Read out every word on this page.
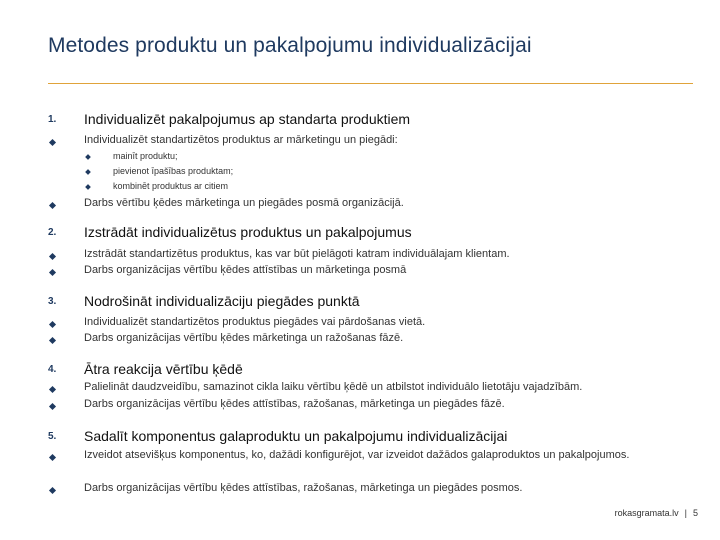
Metodes produktu un pakalpojumu individualizācijai
1. Individualizēt pakalpojumus ap standarta produktiem
Individualizēt standartizētos produktus ar mārketingu un piegādi:
mainīt produktu;
pievienot īpašības produktam;
kombinēt produktus ar citiem
Darbs vērtību ķēdes mārketinga un piegādes posmā organizācijā.
2. Izstrādāt individualizētus produktus un pakalpojumus
Izstrādāt standartizētus produktus, kas var būt pielāgoti katram individuālajam klientam.
Darbs organizācijas vērtību ķēdes attīstības un mārketinga posmā
3. Nodrošināt individualizāciju piegādes punktā
Individualizēt standartizētos produktus piegādes vai pārdošanas vietā.
Darbs organizācijas vērtību ķēdes mārketinga un ražošanas fāzē.
4. Ātra reakcija vērtību ķēdē
Palielināt daudzveidību, samazinot cikla laiku vērtību ķēdē un atbilstot individuālo lietotāju vajadzībām.
Darbs organizācijas vērtību ķēdes attīstības, ražošanas, mārketinga un piegādes fāzē.
5. Sadalīt komponentus galaproduktu un pakalpojumu individualizācijai
Izveidot atsevišķus komponentus, ko, dažādi konfigurējot, var izveidot dažādos galaproduktos un pakalpojumos.
Darbs organizācijas vērtību ķēdes attīstības, ražošanas, mārketinga un piegādes posmos.
rokasgramata.lv | 5
